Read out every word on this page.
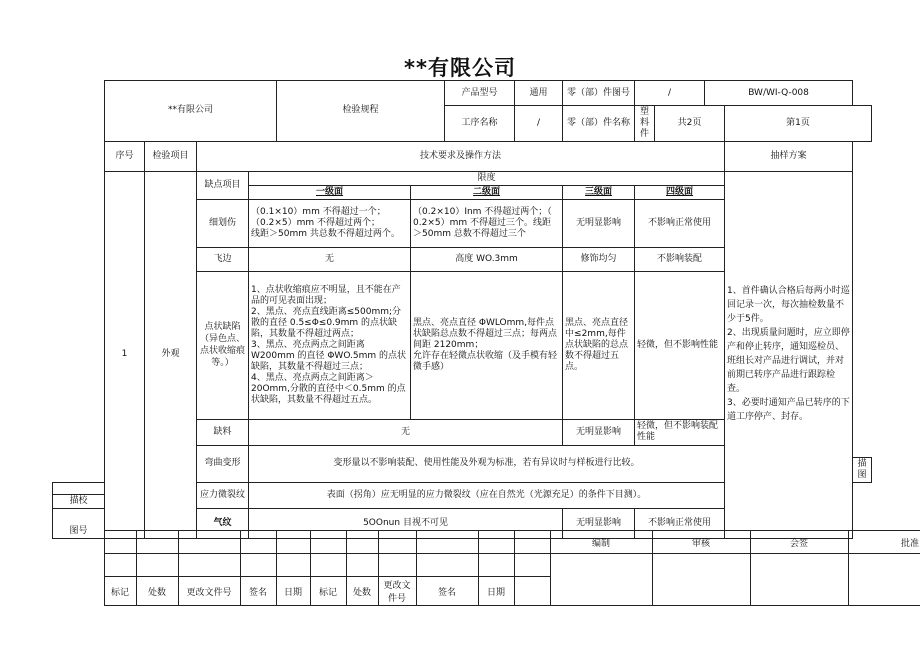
**有限公司
	**有限公司				检验规程		产品型号	通用	零（部）件图号	/		BW/WI-Q-008		
							工序名称	/	零（部）件名称	塑料件	共2页		第1页	
	序号	检验项目	技术要求及操作方法										抽样方案	
	1	外观	缺点项目	限度									1、首件确认合格后每两小时巡回记录一次，每次抽检数量不少于5件。
2、出现质量问题时，应立即停产和停止转序，通知巡检员、班组长对产品进行调试，并对前期已转序产品进行跟踪检查。
3、必要时通知产品已转序的下道工序停产、封存。	
				一级面		二级面			三级面	四级面				
			细划伤	（0.1×10）mm 不得超过一个；
（0.2×5）mm 不得超过两个；
线距＞50mm 共总数不得超过两个。		（0.2×10）Inm 不得超过两个；（
0.2×5）mm 不得超过三个。线距
＞50mm 总数不得超过三个			无明显影响	不影响正常使用				
			飞边	无		高度 WO.3mm			修饰均匀	不影响装配				
			点状缺陷（异色点、点状收缩痕等。）	1、点状收缩痕应不明显，且不能在产品的可见表面出现；
2、黑点、亮点直线距离≤500mm;分散的直径 0.5≤Φ≤0.9mm 的点状缺陷，其数量不得超过两点；
3、黑点、亮点两点之间距离 W200mm 的直径 ΦWO.5mm 的点状缺陷，其数量不得超过三点；
4、黑点、亮点两点之间距离＞20Omm,分散的直径中＜0.5mm 的点状缺陷，其数量不得超过五点。		黑点、亮点直径 ΦWLOmm,每件点状缺陷总点数不得超过三点；每两点间距 2120mm；
允许存在轻微点状收缩（及手模有轻微手感）			黑点、亮点直径中≤2mm,每件点状缺陷的总点数不得超过五点。	轻微，但不影响性能				
			缺料	无					无明显影响	轻微，但不影响装配性能				
			弯曲变形	变形量以不影响装配、使用性能及外观为标准，若有异议时与样板进行比较。										
														描图
			应力微裂纹	表面（拐角）应无明显的应力微裂纹（应在自然光（光源充足）的条件下目测）。										
描校														
图号			气纹	5OOnun 目视不可见					无明显影响	不影响正常使用				
												编制	审核	会签	批准

	标记	处数	更改文件号	签名	日期	标记	处数	更改文件号	签名	日期					
